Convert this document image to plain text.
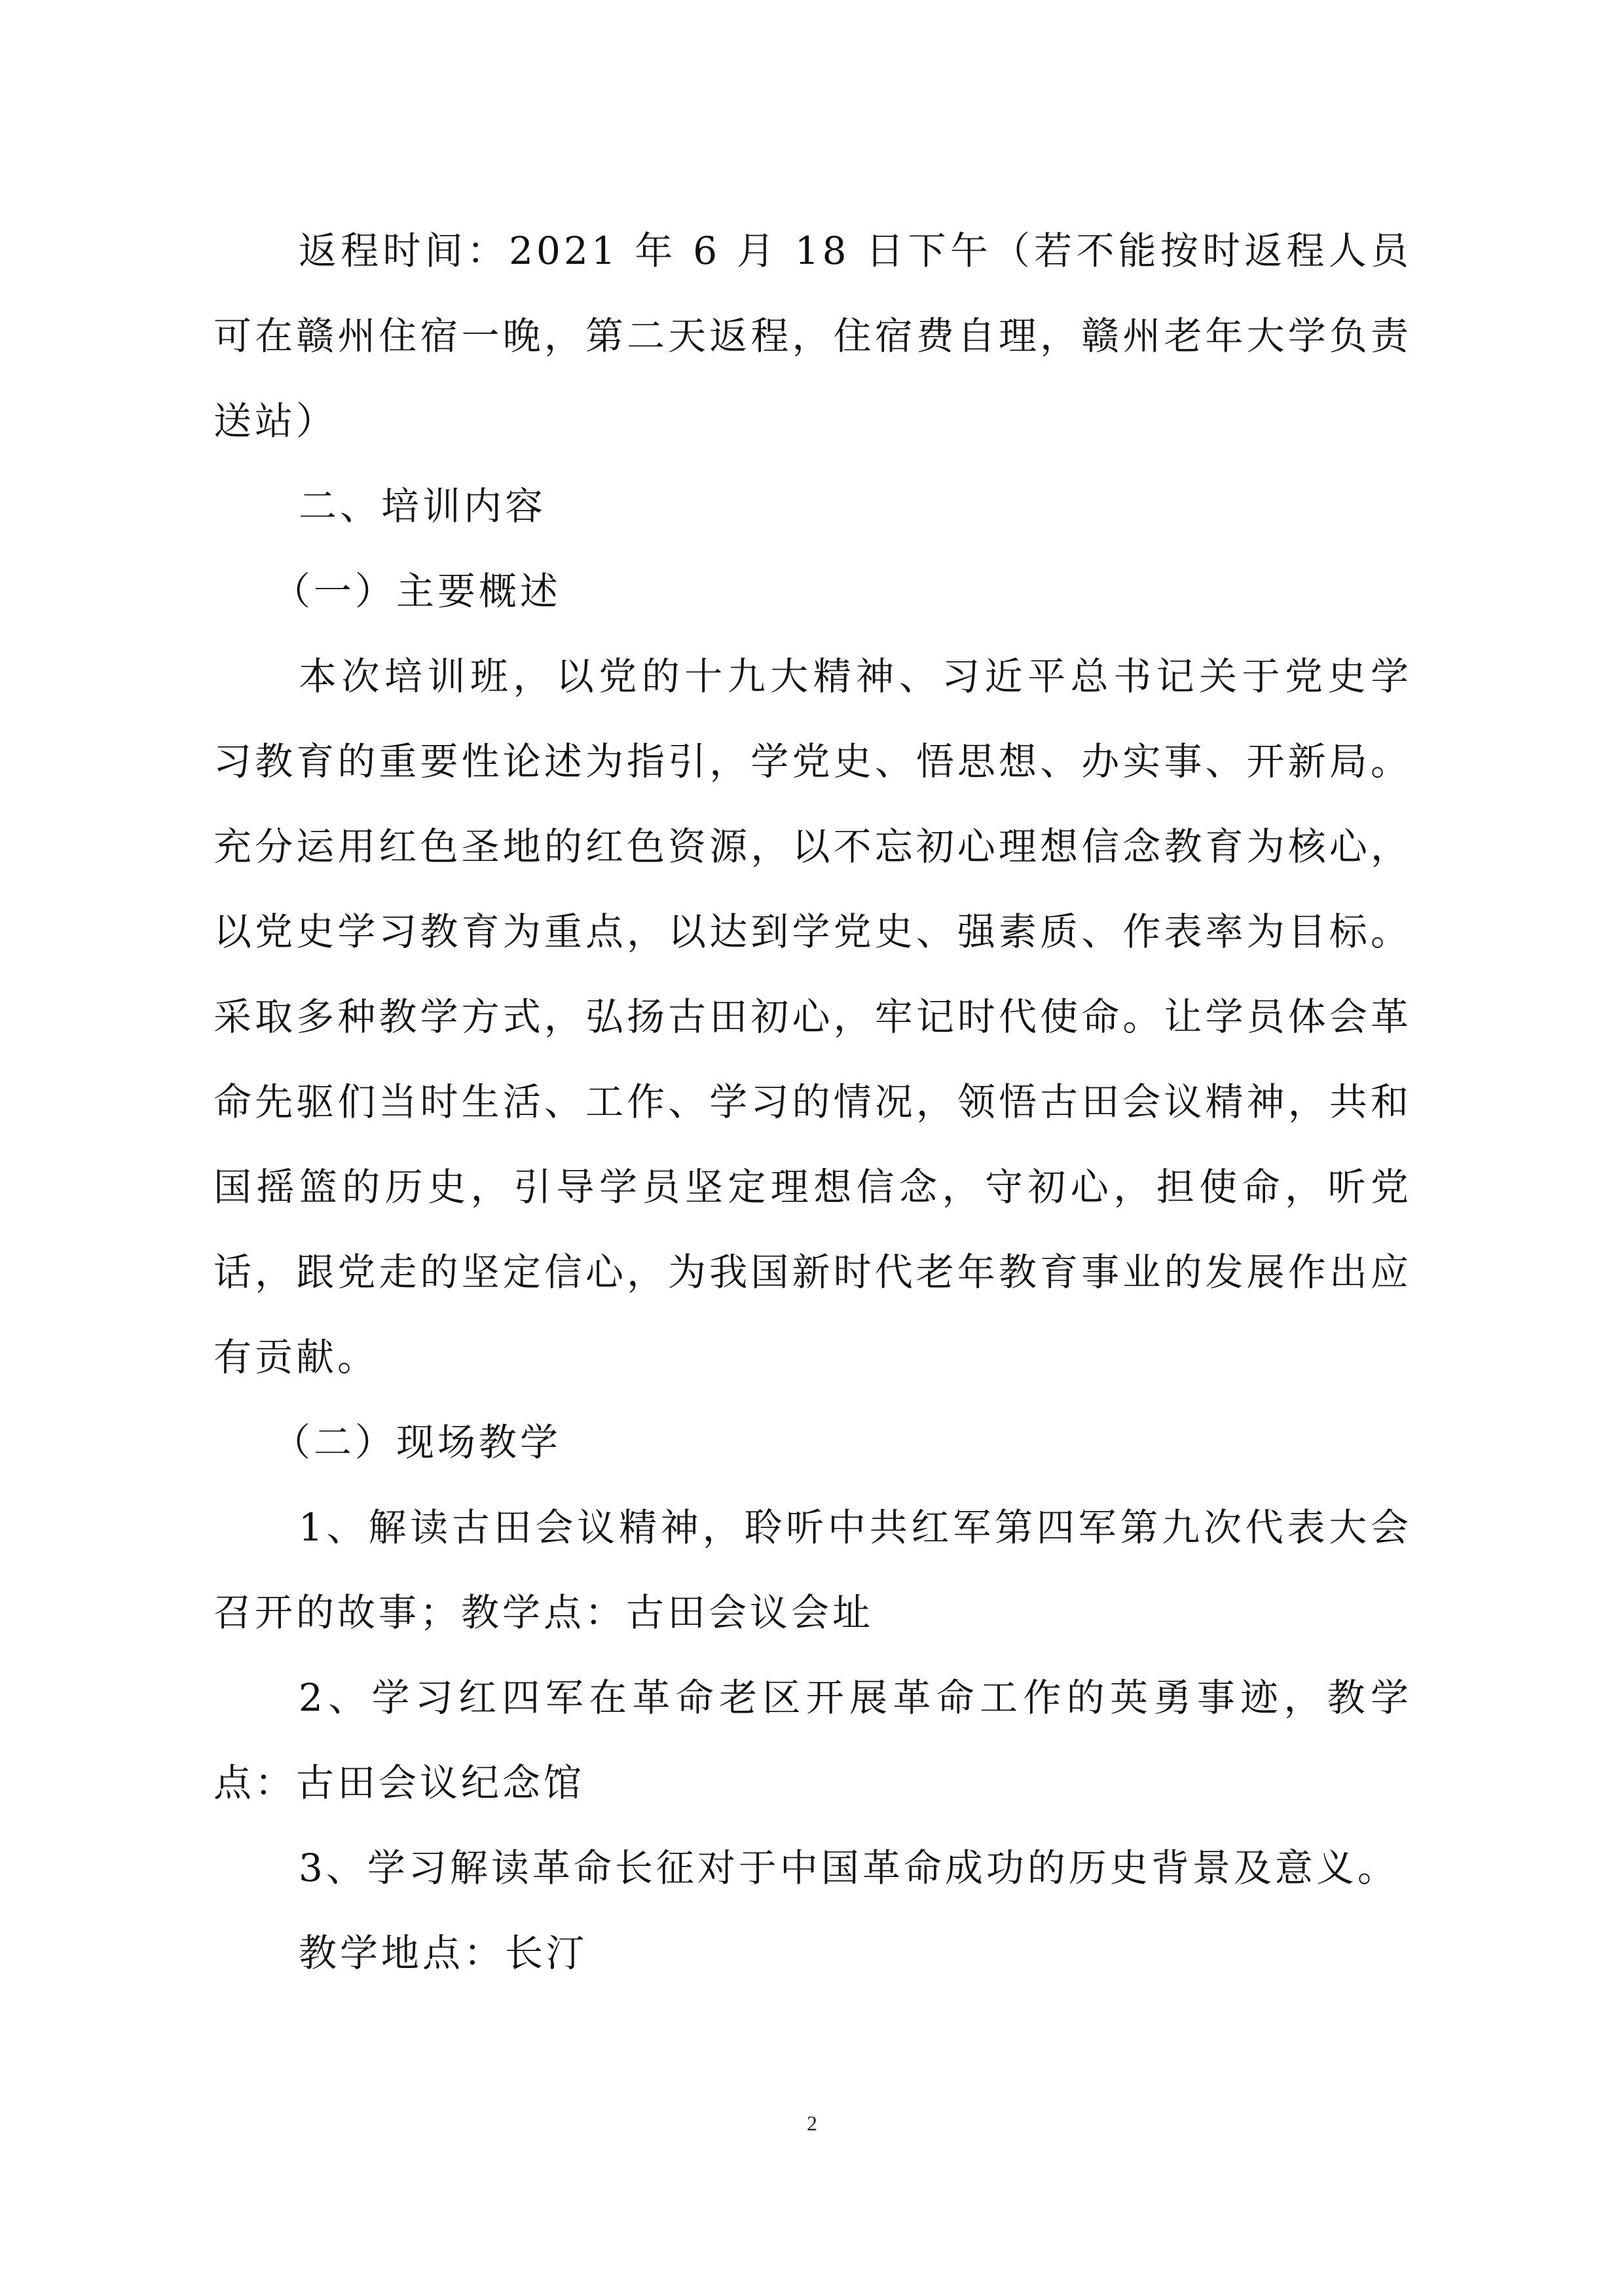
返程时间：2021 年 6 月 18 日下午（若不能按时返程人员可在赣州住宿一晚，第二天返程，住宿费自理，赣州老年大学负责送站）

二、培训内容

（一）主要概述

本次培训班，以党的十九大精神、习近平总书记关于党史学习教育的重要性论述为指引，学党史、悟思想、办实事、开新局。充分运用红色圣地的红色资源，以不忘初心理想信念教育为核心，以党史学习教育为重点，以达到学党史、强素质、作表率为目标。采取多种教学方式，弘扬古田初心，牢记时代使命。让学员体会革命先驱们当时生活、工作、学习的情况，领悟古田会议精神，共和国摇篮的历史，引导学员坚定理想信念，守初心，担使命，听党话，跟党走的坚定信心，为我国新时代老年教育事业的发展作出应有贡献。

（二）现场教学

1、解读古田会议精神，聆听中共红军第四军第九次代表大会召开的故事；教学点：古田会议会址

2、学习红四军在革命老区开展革命工作的英勇事迹，教学点：古田会议纪念馆

3、学习解读革命长征对于中国革命成功的历史背景及意义。

教学地点：长汀

2
